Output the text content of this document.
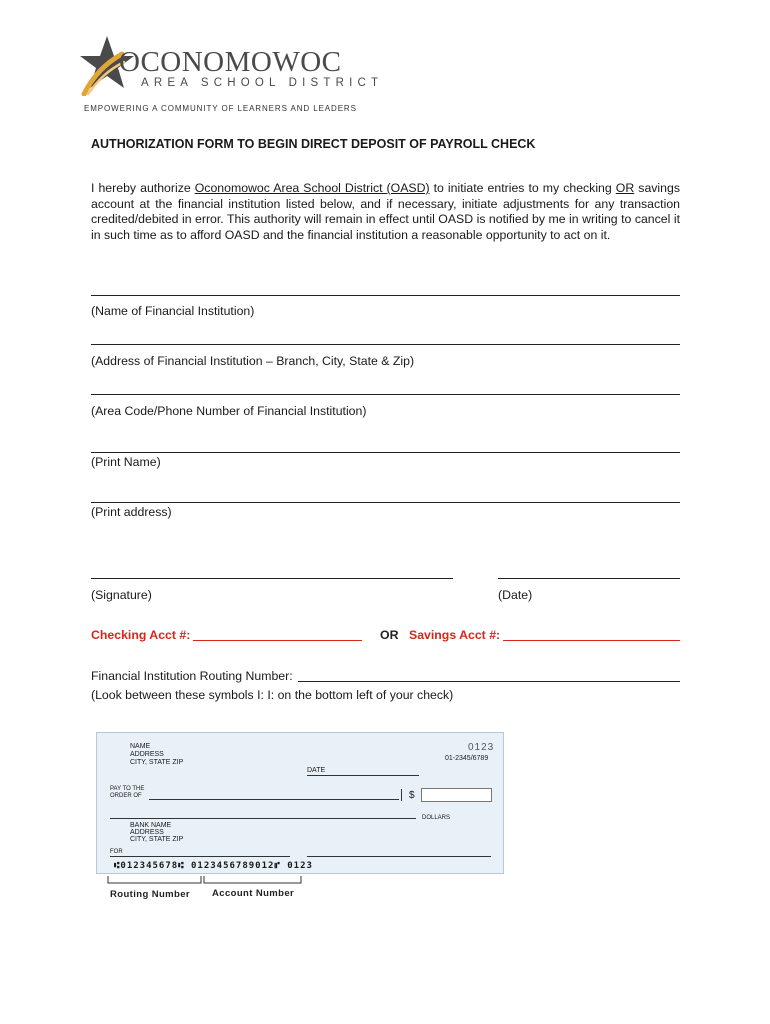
OCONOMOWOC
AREA SCHOOL DISTRICT
EMPOWERING A COMMUNITY OF LEARNERS AND LEADERS
AUTHORIZATION FORM TO BEGIN DIRECT DEPOSIT OF PAYROLL CHECK
I hereby authorize Oconomowoc Area School District (OASD) to initiate entries to my checking OR savings account at the financial institution listed below, and if necessary, initiate adjustments for any transaction credited/debited in error. This authority will remain in effect until OASD is notified by me in writing to cancel it in such time as to afford OASD and the financial institution a reasonable opportunity to act on it.
(Name of Financial Institution)
(Address of Financial Institution – Branch, City, State & Zip)
(Area Code/Phone Number of Financial Institution)
(Print Name)
(Print address)
(Signature)	(Date)
Checking Acct #:	OR Savings Acct #:
Financial Institution Routing Number:
(Look between these symbols I: I: on the bottom left of your check)
NAME
ADDRESS
CITY, STATE ZIP
0123
01-2345/6789
DATE
PAY TO THE
ORDER OF	$
DOLLARS
BANK NAME
ADDRESS
CITY, STATE ZIP
FOR
⑆012345678⑆ 0123456789012⑈ 0123
Routing Number Account Number
